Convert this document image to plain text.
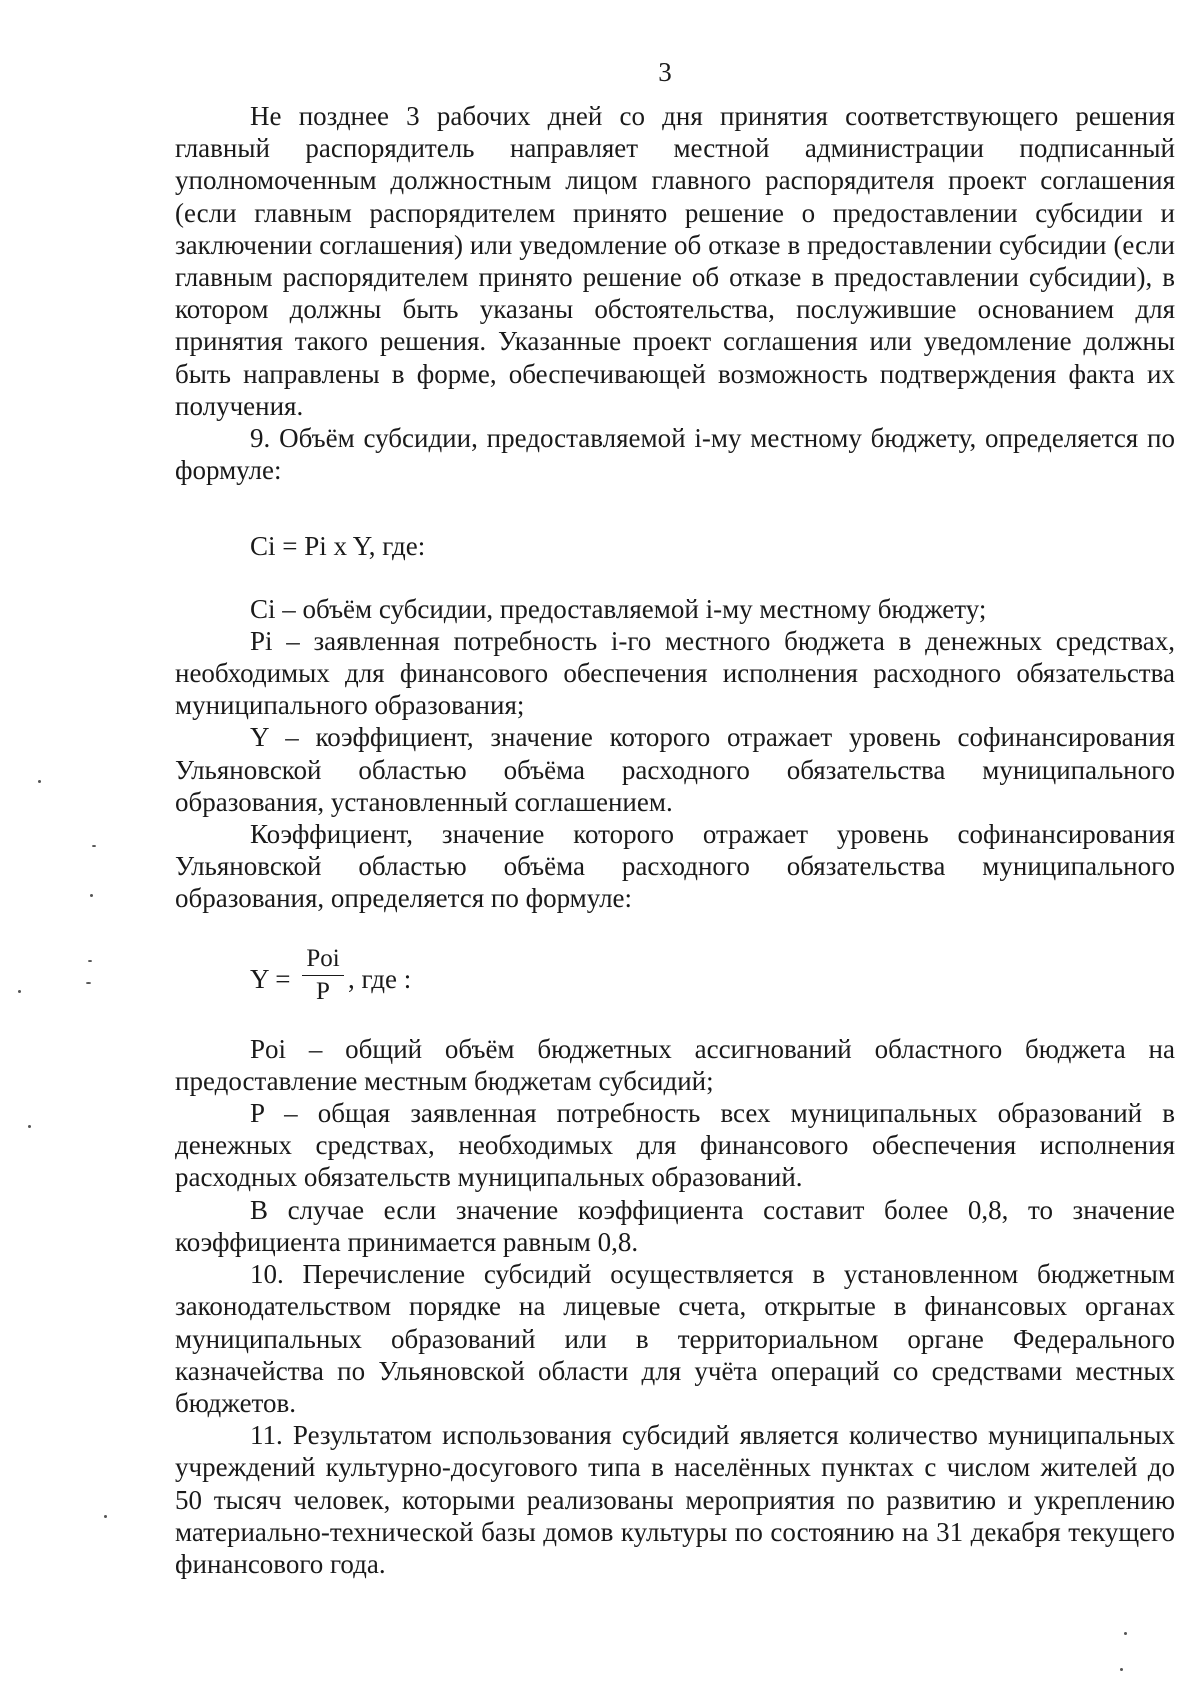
3

Не позднее 3 рабочих дней со дня принятия соответствующего решения главный распорядитель направляет местной администрации подписанный уполномоченным должностным лицом главного распорядителя проект соглашения (если главным распорядителем принято решение о предоставлении субсидии и заключении соглашения) или уведомление об отказе в предоставлении субсидии (если главным распорядителем принято решение об отказе в предоставлении субсидии), в котором должны быть указаны обстоятельства, послужившие основанием для принятия такого решения. Указанные проект соглашения или уведомление должны быть направлены в форме, обеспечивающей возможность подтверждения факта их получения.

9. Объём субсидии, предоставляемой i-му местному бюджету, определяется по формуле:

Ci = Pi x Y, где:

Ci – объём субсидии, предоставляемой i-му местному бюджету;

Pi – заявленная потребность i-го местного бюджета в денежных средствах, необходимых для финансового обеспечения исполнения расходного обязательства муниципального образования;

Y – коэффициент, значение которого отражает уровень софинансирования Ульяновской областью объёма расходного обязательства муниципального образования, установленный соглашением.

Коэффициент, значение которого отражает уровень софинансирования Ульяновской областью объёма расходного обязательства муниципального образования, определяется по формуле:

Y =
Poi
P , где :

Poi – общий объём бюджетных ассигнований областного бюджета на предоставление местным бюджетам субсидий;

P – общая заявленная потребность всех муниципальных образований в денежных средствах, необходимых для финансового обеспечения исполнения расходных обязательств муниципальных образований.

В случае если значение коэффициента составит более 0,8, то значение коэффициента принимается равным 0,8.

10. Перечисление субсидий осуществляется в установленном бюджетным законодательством порядке на лицевые счета, открытые в финансовых органах муниципальных образований или в территориальном органе Федерального казначейства по Ульяновской области для учёта операций со средствами местных бюджетов.

11. Результатом использования субсидий является количество муниципальных учреждений культурно-досугового типа в населённых пунктах с числом жителей до 50 тысяч человек, которыми реализованы мероприятия по развитию и укреплению материально-технической базы домов культуры по состоянию на 31 декабря текущего финансового года.
